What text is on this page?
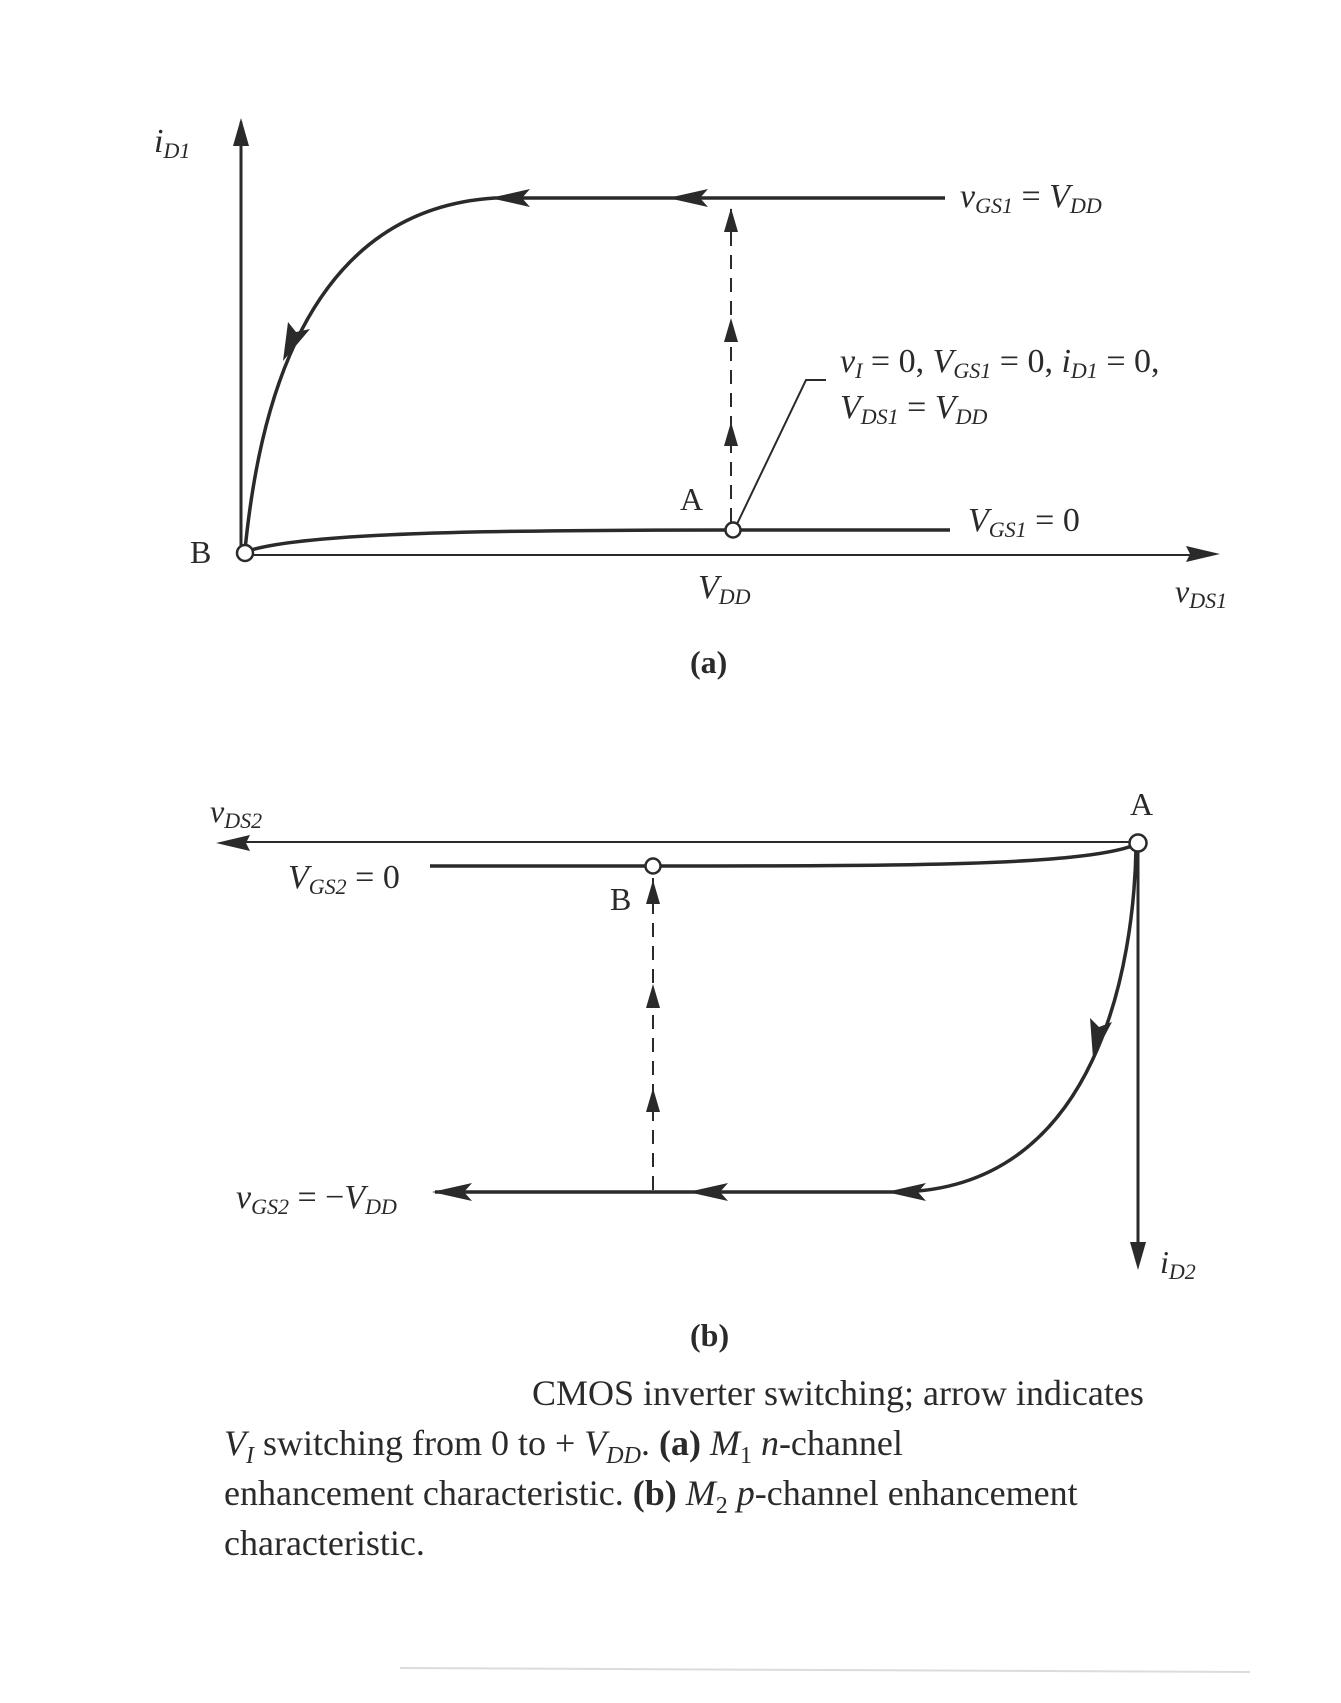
iD1
vGS1 = VDD
vI = 0, VGS1 = 0, iD1 = 0,
VDS1 = VDD
A
B
VGS1 = 0
VDD	vDS1
(a)
vDS2	A
VGS2 = 0
B
vGS2 = −VDD
iD2
(b)
CMOS inverter switching; arrow indicates
$V_I$ switching from 0 to + $V_{DD}$. (a) $M_1$ n-channel
enhancement characteristic. (b) $M_2$ p-channel enhancement
characteristic.
